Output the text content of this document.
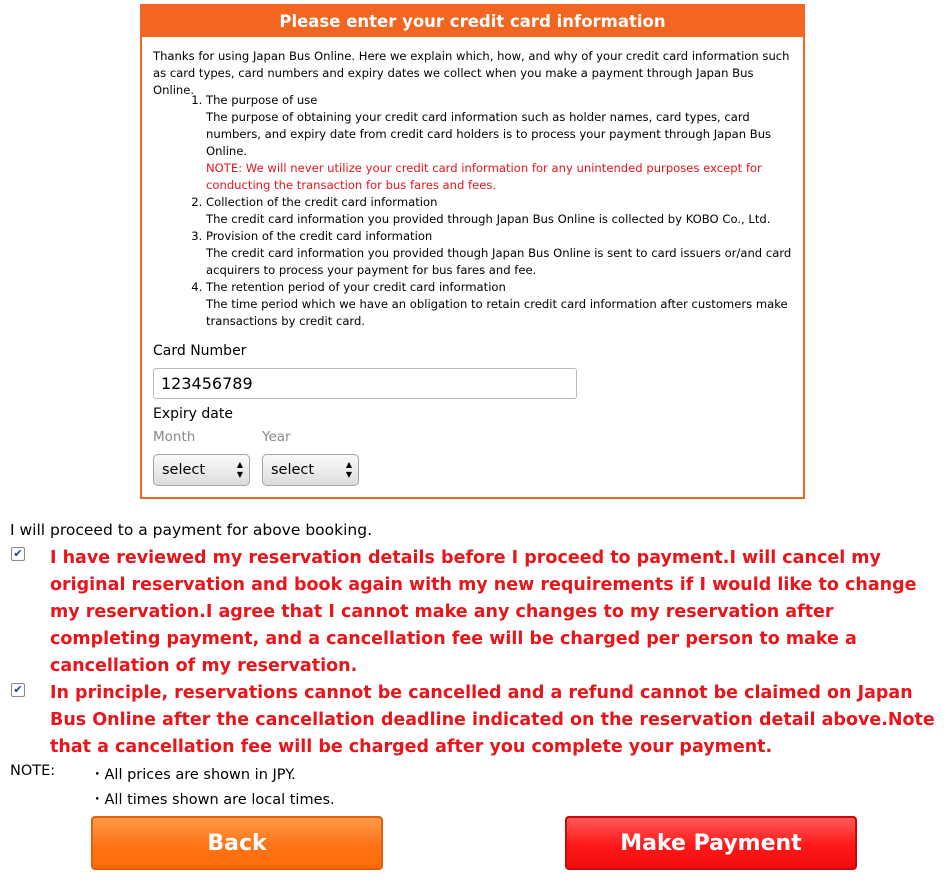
Please enter your credit card information
Thanks for using Japan Bus Online. Here we explain which, how, and why of your credit card information such as card types, card numbers and expiry dates we collect when you make a payment through Japan Bus Online.
1. The purpose of use
The purpose of obtaining your credit card information such as holder names, card types, card numbers, and expiry date from credit card holders is to process your payment through Japan Bus Online.
NOTE: We will never utilize your credit card information for any unintended purposes except for conducting the transaction for bus fares and fees.
2. Collection of the credit card information
The credit card information you provided through Japan Bus Online is collected by KOBO Co., Ltd.
3. Provision of the credit card information
The credit card information you provided though Japan Bus Online is sent to card issuers or/and card acquirers to process your payment for bus fares and fee.
4. The retention period of your credit card information
The time period which we have an obligation to retain credit card information after customers make transactions by credit card.
Card Number
123456789
Expiry date
Month	Year
select	▲
▼	select	▲
▼
I will proceed to a payment for above booking.
✔ I have reviewed my reservation details before I proceed to payment.I will cancel my original reservation and book again with my new requirements if I would like to change my reservation.I agree that I cannot make any changes to my reservation after completing payment, and a cancellation fee will be charged per person to make a cancellation of my reservation.
✔ In principle, reservations cannot be cancelled and a refund cannot be claimed on Japan Bus Online after the cancellation deadline indicated on the reservation detail above.Note that a cancellation fee will be charged after you complete your payment.
NOTE: ・All prices are shown in JPY.
・All times shown are local times.
Back	Make Payment
